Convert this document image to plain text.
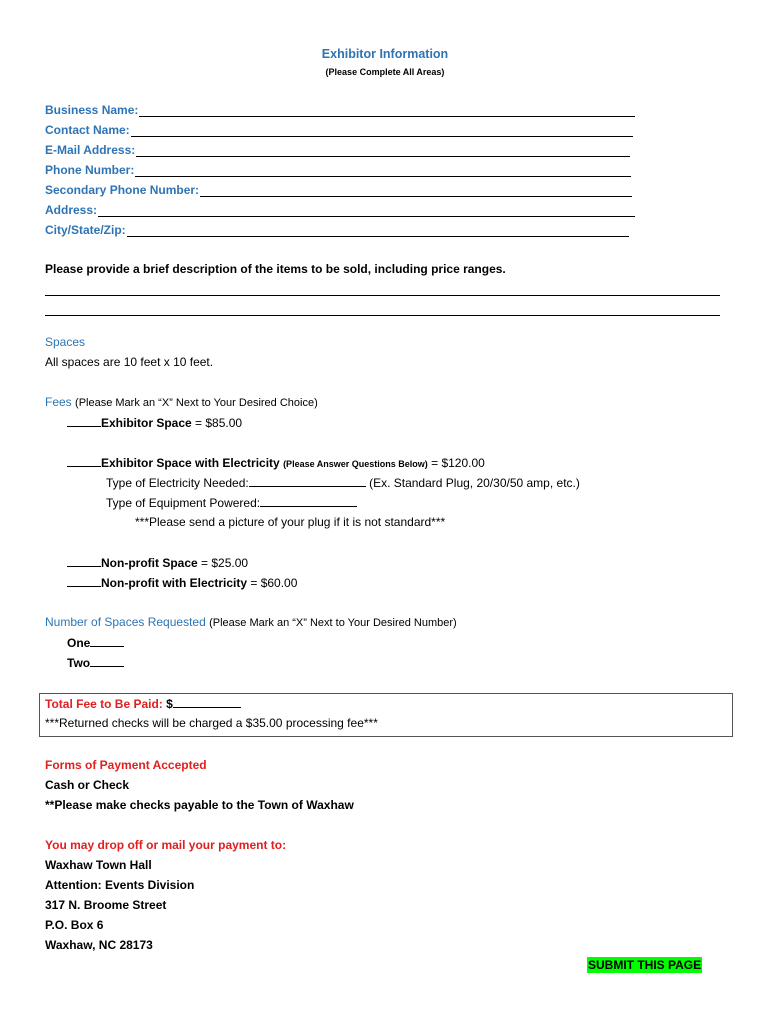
Exhibitor Information
(Please Complete All Areas)
Business Name:
Contact Name:
E-Mail Address:
Phone Number:
Secondary Phone Number:
Address:
City/State/Zip:
Please provide a brief description of the items to be sold, including price ranges.
Spaces
All spaces are 10 feet x 10 feet.
Fees (Please Mark an “X” Next to Your Desired Choice)
Exhibitor Space = $85.00
Exhibitor Space with Electricity (Please Answer Questions Below) = $120.00
Type of Electricity Needed:	(Ex. Standard Plug, 20/30/50 amp, etc.)
Type of Equipment Powered:
***Please send a picture of your plug if it is not standard***
Non-profit Space = $25.00
Non-profit with Electricity = $60.00
Number of Spaces Requested (Please Mark an “X” Next to Your Desired Number)
One
Two
Total Fee to Be Paid: $
***Returned checks will be charged a $35.00 processing fee***
Forms of Payment Accepted
Cash or Check
**Please make checks payable to the Town of Waxhaw
You may drop off or mail your payment to:
Waxhaw Town Hall
Attention: Events Division
317 N. Broome Street
P.O. Box 6
Waxhaw, NC 28173
SUBMIT THIS PAGE
